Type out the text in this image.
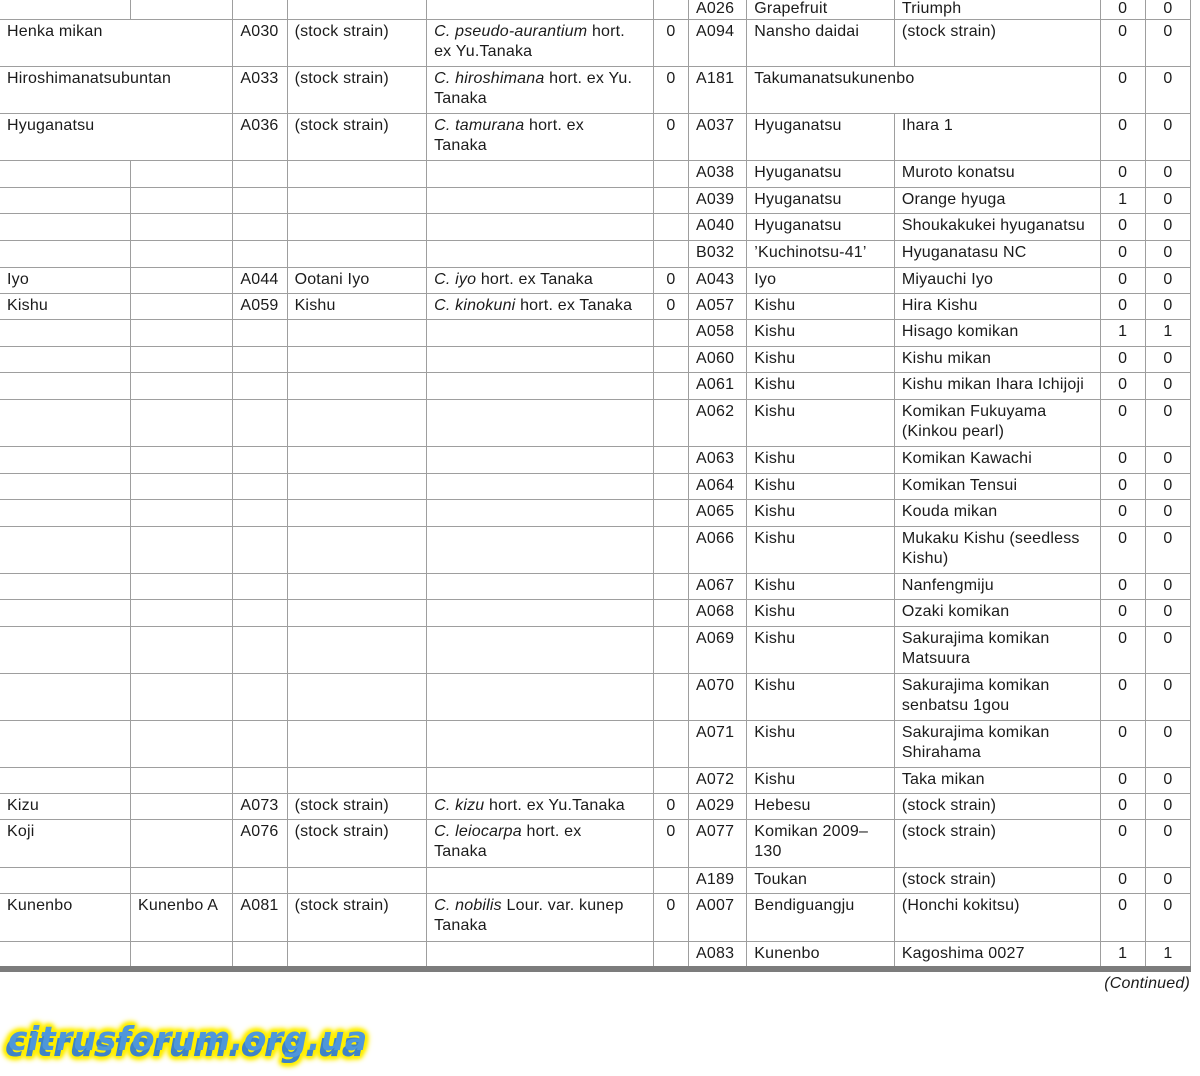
						A026	Grapefruit	Triumph	0	0
Henka mikan		A030	(stock strain)	C. pseudo-aurantium hort. ex Yu.Tanaka	0	A094	Nansho daidai	(stock strain)	0	0
Hiroshimanatsubuntan		A033	(stock strain)	C. hiroshimana hort. ex Yu. Tanaka	0	A181	Takumanatsukunenbo		0	0
Hyuganatsu		A036	(stock strain)	C. tamurana hort. ex Tanaka	0	A037	Hyuganatsu	Ihara 1	0	0
						A038	Hyuganatsu	Muroto konatsu	0	0
						A039	Hyuganatsu	Orange hyuga	1	0
						A040	Hyuganatsu	Shoukakukei hyuganatsu	0	0
						B032	’Kuchinotsu-41’	Hyuganatasu NC	0	0
Iyo		A044	Ootani Iyo	C. iyo hort. ex Tanaka	0	A043	Iyo	Miyauchi Iyo	0	0
Kishu		A059	Kishu	C. kinokuni hort. ex Tanaka	0	A057	Kishu	Hira Kishu	0	0
						A058	Kishu	Hisago komikan	1	1
						A060	Kishu	Kishu mikan	0	0
						A061	Kishu	Kishu mikan Ihara Ichijoji	0	0
						A062	Kishu	Komikan Fukuyama (Kinkou pearl)	0	0
						A063	Kishu	Komikan Kawachi	0	0
						A064	Kishu	Komikan Tensui	0	0
						A065	Kishu	Kouda mikan	0	0
						A066	Kishu	Mukaku Kishu (seedless Kishu)	0	0
						A067	Kishu	Nanfengmiju	0	0
						A068	Kishu	Ozaki komikan	0	0
						A069	Kishu	Sakurajima komikan Matsuura	0	0
						A070	Kishu	Sakurajima komikan senbatsu 1gou	0	0
						A071	Kishu	Sakurajima komikan Shirahama	0	0
						A072	Kishu	Taka mikan	0	0
Kizu		A073	(stock strain)	C. kizu hort. ex Yu.Tanaka	0	A029	Hebesu	(stock strain)	0	0
Koji		A076	(stock strain)	C. leiocarpa hort. ex Tanaka	0	A077	Komikan 2009–130	(stock strain)	0	0
						A189	Toukan	(stock strain)	0	0
Kunenbo	Kunenbo A	A081	(stock strain)	C. nobilis Lour. var. kunep Tanaka	0	A007	Bendiguangju	(Honchi kokitsu)	0	0
						A083	Kunenbo	Kagoshima 0027	1	1
(Continued)
citrusforum.org.ua
